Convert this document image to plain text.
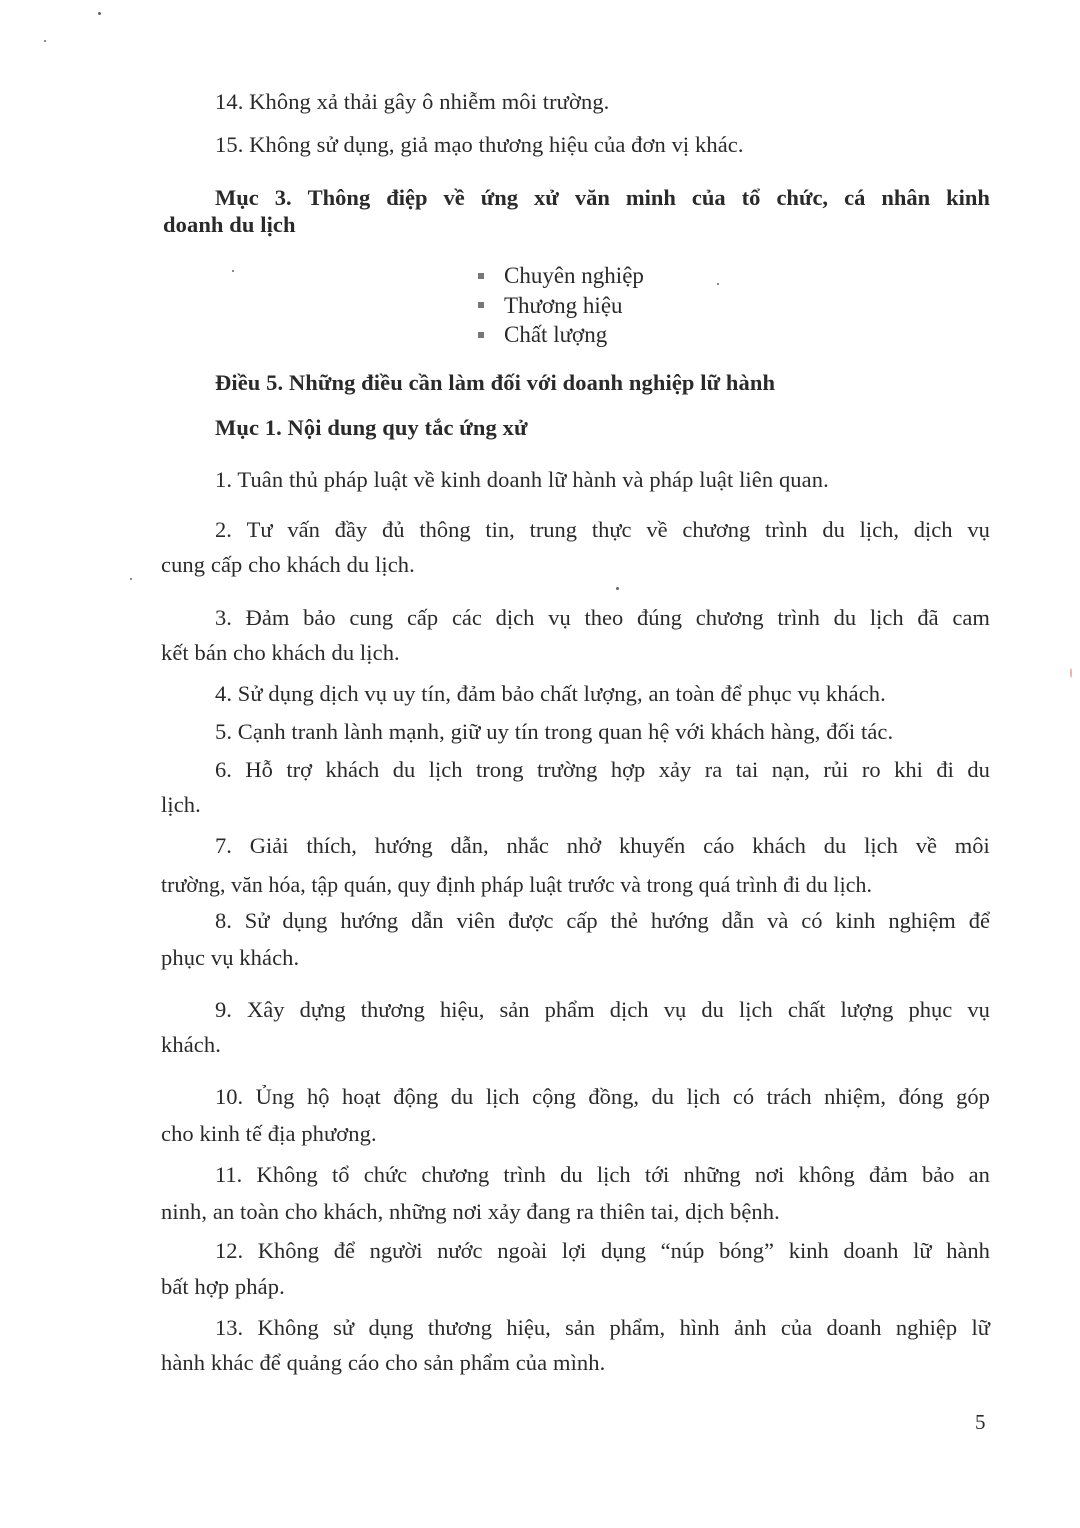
14. Không xả thải gây ô nhiễm môi trường.
15. Không sử dụng, giả mạo thương hiệu của đơn vị khác.
Mục 3. Thông điệp về ứng xử văn minh của tổ chức, cá nhân kinh
doanh du lịch
Chuyên nghiệp
Thương hiệu
Chất lượng
Điều 5. Những điều cần làm đối với doanh nghiệp lữ hành
Mục 1. Nội dung quy tắc ứng xử
1. Tuân thủ pháp luật về kinh doanh lữ hành và pháp luật liên quan.
2. Tư vấn đầy đủ thông tin, trung thực về chương trình du lịch, dịch vụ
cung cấp cho khách du lịch.
3. Đảm bảo cung cấp các dịch vụ theo đúng chương trình du lịch đã cam
kết bán cho khách du lịch.
4. Sử dụng dịch vụ uy tín, đảm bảo chất lượng, an toàn để phục vụ khách.
5. Cạnh tranh lành mạnh, giữ uy tín trong quan hệ với khách hàng, đối tác.
6. Hỗ trợ khách du lịch trong trường hợp xảy ra tai nạn, rủi ro khi đi du
lịch.
7. Giải thích, hướng dẫn, nhắc nhở khuyến cáo khách du lịch về môi
trường, văn hóa, tập quán, quy định pháp luật trước và trong quá trình đi du lịch.
8. Sử dụng hướng dẫn viên được cấp thẻ hướng dẫn và có kinh nghiệm để
phục vụ khách.
9. Xây dựng thương hiệu, sản phẩm dịch vụ du lịch chất lượng phục vụ
khách.
10. Ủng hộ hoạt động du lịch cộng đồng, du lịch có trách nhiệm, đóng góp
cho kinh tế địa phương.
11. Không tổ chức chương trình du lịch tới những nơi không đảm bảo an
ninh, an toàn cho khách, những nơi xảy đang ra thiên tai, dịch bệnh.
12. Không để người nước ngoài lợi dụng “núp bóng” kinh doanh lữ hành
bất hợp pháp.
13. Không sử dụng thương hiệu, sản phẩm, hình ảnh của doanh nghiệp lữ
hành khác để quảng cáo cho sản phẩm của mình.
5
